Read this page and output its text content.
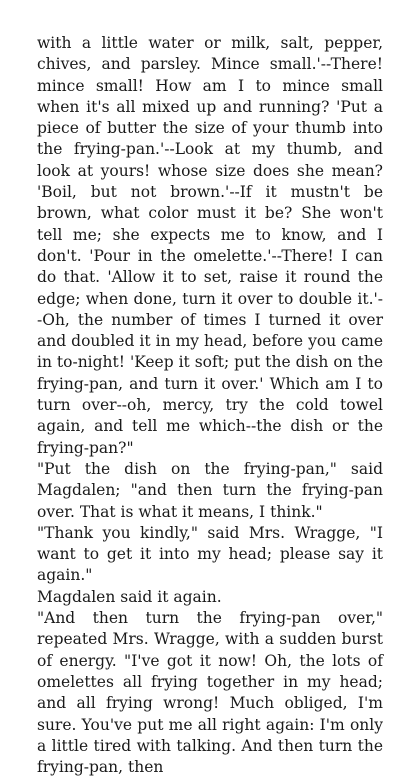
with a little water or milk, salt, pepper, chives, and parsley. Mince small.'--There! mince small! How am I to mince small when it's all mixed up and running? 'Put a piece of butter the size of your thumb into the frying-pan.'--Look at my thumb, and look at yours! whose size does she mean? 'Boil, but not brown.'--If it mustn't be brown, what color must it be? She won't tell me; she expects me to know, and I don't. 'Pour in the omelette.'--There! I can do that. 'Allow it to set, raise it round the edge; when done, turn it over to double it.'--Oh, the number of times I turned it over and doubled it in my head, before you came in to-night! 'Keep it soft; put the dish on the frying-pan, and turn it over.' Which am I to turn over--oh, mercy, try the cold towel again, and tell me which--the dish or the frying-pan?"

"Put the dish on the frying-pan," said Magdalen; "and then turn the frying-pan over. That is what it means, I think."

"Thank you kindly," said Mrs. Wragge, "I want to get it into my head; please say it again."

Magdalen said it again.

"And then turn the frying-pan over," repeated Mrs. Wragge, with a sudden burst of energy. "I've got it now! Oh, the lots of omelettes all frying together in my head; and all frying wrong! Much obliged, I'm sure. You've put me all right again: I'm only a little tired with talking. And then turn the frying-pan, then
